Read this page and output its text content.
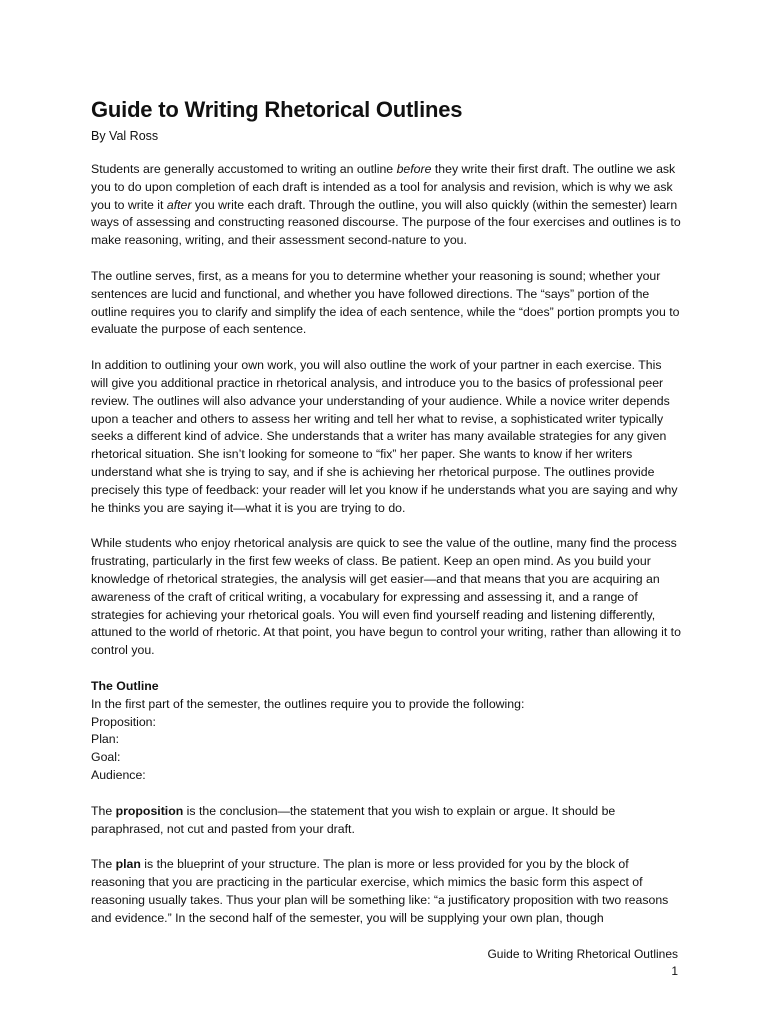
Guide to Writing Rhetorical Outlines
By Val Ross

Students are generally accustomed to writing an outline before they write their first draft. The outline we ask you to do upon completion of each draft is intended as a tool for analysis and revision, which is why we ask you to write it after you write each draft. Through the outline, you will also quickly (within the semester) learn ways of assessing and constructing reasoned discourse. The purpose of the four exercises and outlines is to make reasoning, writing, and their assessment second-nature to you.

The outline serves, first, as a means for you to determine whether your reasoning is sound; whether your sentences are lucid and functional, and whether you have followed directions. The “says” portion of the outline requires you to clarify and simplify the idea of each sentence, while the “does” portion prompts you to evaluate the purpose of each sentence.

In addition to outlining your own work, you will also outline the work of your partner in each exercise. This will give you additional practice in rhetorical analysis, and introduce you to the basics of professional peer review. The outlines will also advance your understanding of your audience. While a novice writer depends upon a teacher and others to assess her writing and tell her what to revise, a sophisticated writer typically seeks a different kind of advice. She understands that a writer has many available strategies for any given rhetorical situation. She isn’t looking for someone to “fix” her paper. She wants to know if her writers understand what she is trying to say, and if she is achieving her rhetorical purpose. The outlines provide precisely this type of feedback: your reader will let you know if he understands what you are saying and why he thinks you are saying it—what it is you are trying to do.

While students who enjoy rhetorical analysis are quick to see the value of the outline, many find the process frustrating, particularly in the first few weeks of class. Be patient. Keep an open mind. As you build your knowledge of rhetorical strategies, the analysis will get easier—and that means that you are acquiring an awareness of the craft of critical writing, a vocabulary for expressing and assessing it, and a range of strategies for achieving your rhetorical goals. You will even find yourself reading and listening differently, attuned to the world of rhetoric. At that point, you have begun to control your writing, rather than allowing it to control you.

The Outline
In the first part of the semester, the outlines require you to provide the following:
Proposition:
Plan:
Goal:
Audience:

The proposition is the conclusion—the statement that you wish to explain or argue. It should be paraphrased, not cut and pasted from your draft.

The plan is the blueprint of your structure. The plan is more or less provided for you by the block of reasoning that you are practicing in the particular exercise, which mimics the basic form this aspect of reasoning usually takes. Thus your plan will be something like: “a justificatory proposition with two reasons and evidence.” In the second half of the semester, you will be supplying your own plan, though

Guide to Writing Rhetorical Outlines
1
